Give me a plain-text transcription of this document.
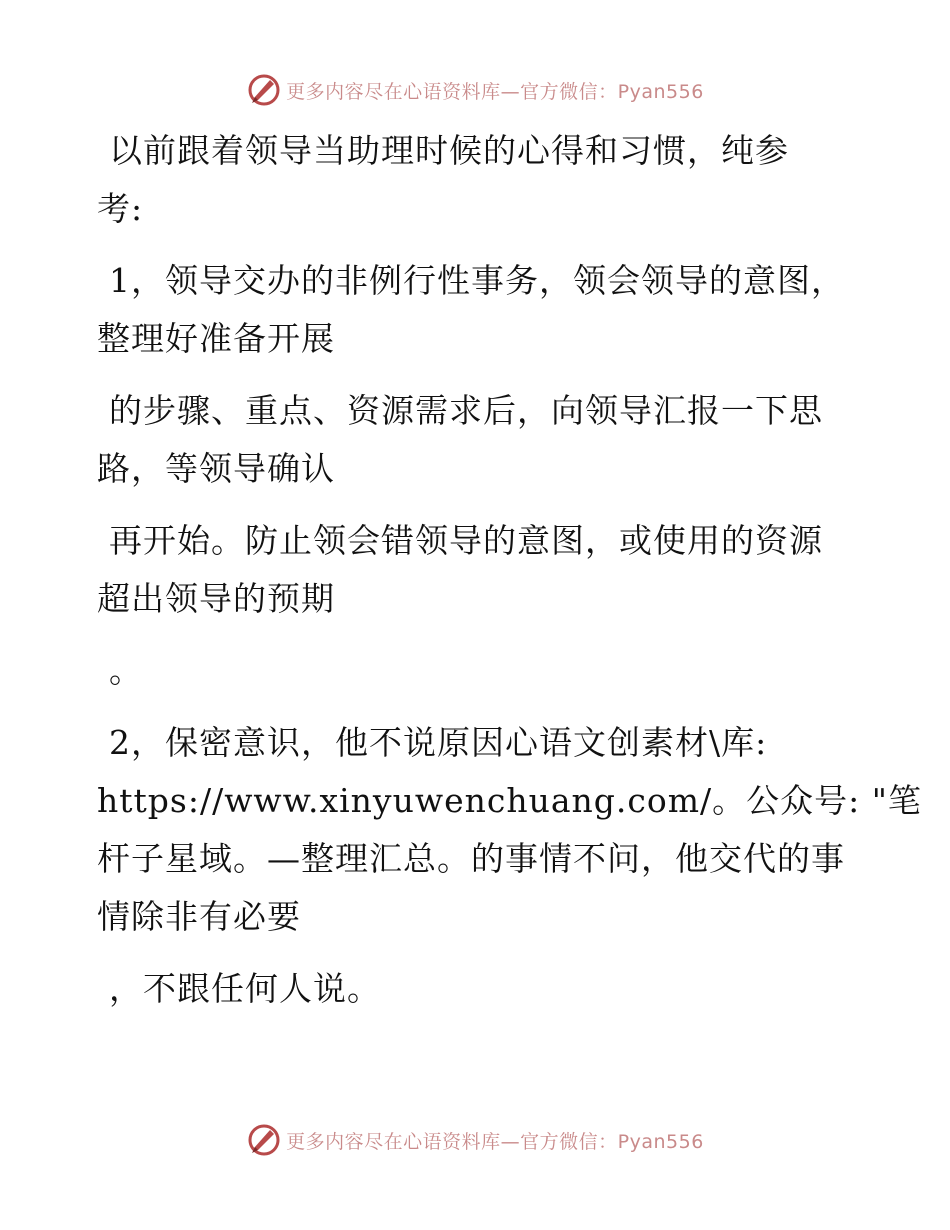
更多内容尽在心语资料库—官方微信：Pyan556
以前跟着领导当助理时候的心得和习惯，纯参
考:
1，领导交办的非例行性事务，领会领导的意图，
整理好准备开展
的步骤、重点、资源需求后，向领导汇报一下思
路，等领导确认
再开始。防止领会错领导的意图，或使用的资源
超出领导的预期
。
2，保密意识，他不说原因心语文创素材\库:
https://www.xinyuwenchuang.com/。公众号: "笔
杆子星域。—整理汇总。的事情不问，他交代的事
情除非有必要
，不跟任何人说。
更多内容尽在心语资料库—官方微信：Pyan556
